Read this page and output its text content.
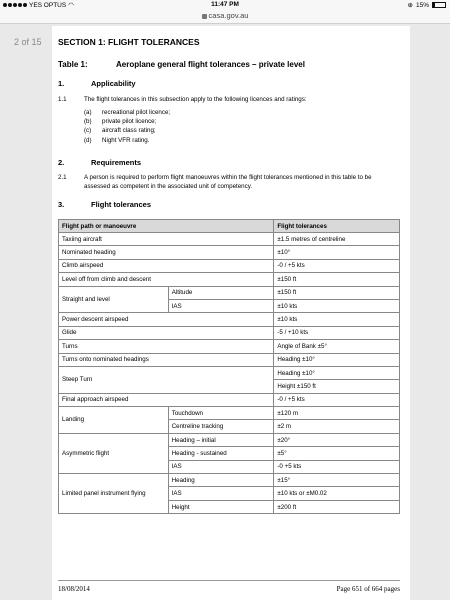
YES OPTUS ◠	11:47 PM	⊕ 15%
casa.gov.au
2 of 15 SECTION 1: FLIGHT TOLERANCES
Table 1:	Aeroplane general flight tolerances – private level
1.	Applicability
1.1	The flight tolerances in this subsection apply to the following licences and ratings:
(a) recreational pilot licence;
(b) private pilot licence;
(c) aircraft class rating;
(d) Night VFR rating.
2.	Requirements
2.1	A person is required to perform flight manoeuvres within the flight tolerances mentioned in this table to be assessed as competent in the associated unit of competency.
3.	Flight tolerances
Flight path or manoeuvre		Flight tolerances
Taxiing aircraft		±1.5 metres of centreline
Nominated heading		±10°
Climb airspeed		-0 / +5 kts
Level off from climb and descent		±150 ft
Straight and level	Altitude	±150 ft
	IAS	±10 kts
Power descent airspeed		±10 kts
Glide		-5 / +10 kts
Turns		Angle of Bank ±5°
Turns onto nominated headings		Heading ±10°
Steep Turn		Heading ±10°
		Height ±150 ft
Final approach airspeed		-0 / +5 kts
Landing	Touchdown	±120 m
	Centreline tracking	±2 m
Asymmetric flight	Heading – initial	±20°
	Heading - sustained	±5°
	IAS	-0 +5 kts
Limited panel instrument flying	Heading	±15°
	IAS	±10 kts or ±M0.02
	Height	±200 ft
18/08/2014	Page 651 of 664 pages
